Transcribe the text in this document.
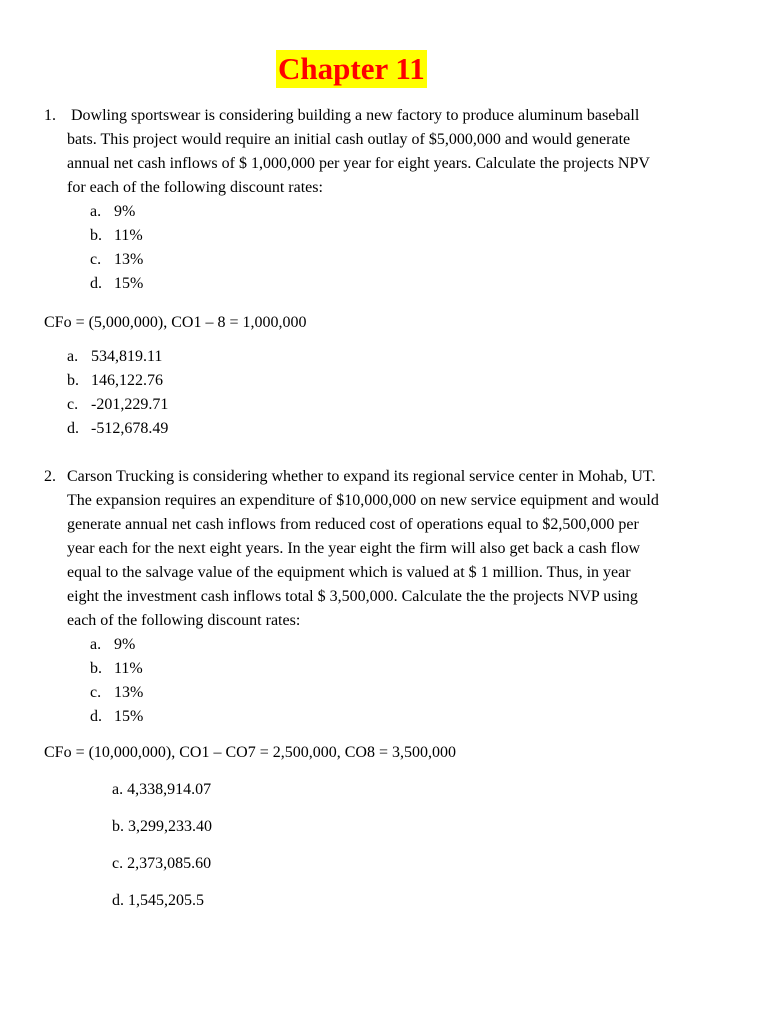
Chapter 11
1. Dowling sportswear is considering building a new factory to produce aluminum baseball
bats. This project would require an initial cash outlay of $5,000,000 and would generate
annual net cash inflows of $ 1,000,000 per year for eight years. Calculate the projects NPV
for each of the following discount rates:
a. 9%
b. 11%
c. 13%
d. 15%
CFo = (5,000,000), CO1 – 8 = 1,000,000
a. 534,819.11
b. 146,122.76
c. -201,229.71
d. -512,678.49
2. Carson Trucking is considering whether to expand its regional service center in Mohab, UT.
The expansion requires an expenditure of $10,000,000 on new service equipment and would
generate annual net cash inflows from reduced cost of operations equal to $2,500,000 per
year each for the next eight years. In the year eight the firm will also get back a cash flow
equal to the salvage value of the equipment which is valued at $ 1 million. Thus, in year
eight the investment cash inflows total $ 3,500,000. Calculate the the projects NVP using
each of the following discount rates:
a. 9%
b. 11%
c. 13%
d. 15%
CFo = (10,000,000), CO1 – CO7 = 2,500,000, CO8 = 3,500,000
a. 4,338,914.07
b. 3,299,233.40
c. 2,373,085.60
d. 1,545,205.5
